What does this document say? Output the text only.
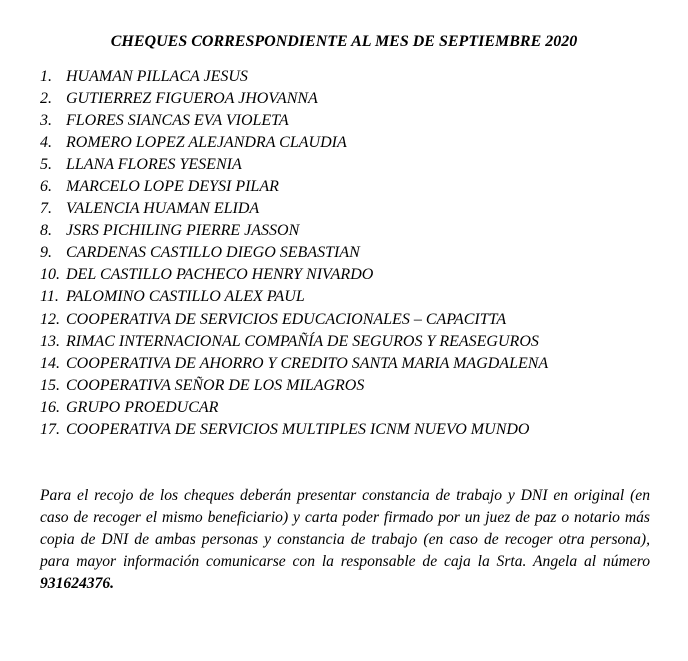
CHEQUES CORRESPONDIENTE AL MES DE SEPTIEMBRE 2020
1. HUAMAN PILLACA JESUS
2. GUTIERREZ FIGUEROA JHOVANNA
3. FLORES SIANCAS EVA VIOLETA
4. ROMERO LOPEZ ALEJANDRA CLAUDIA
5. LLANA FLORES YESENIA
6. MARCELO LOPE DEYSI PILAR
7. VALENCIA HUAMAN ELIDA
8. JSRS PICHILING PIERRE JASSON
9. CARDENAS CASTILLO DIEGO SEBASTIAN
10. DEL CASTILLO PACHECO HENRY NIVARDO
11. PALOMINO CASTILLO ALEX PAUL
12. COOPERATIVA DE SERVICIOS EDUCACIONALES – CAPACITTA
13. RIMAC INTERNACIONAL COMPAÑÍA DE SEGUROS Y REASEGUROS
14. COOPERATIVA DE AHORRO Y CREDITO SANTA MARIA MAGDALENA
15. COOPERATIVA SEÑOR DE LOS MILAGROS
16. GRUPO PROEDUCAR
17. COOPERATIVA DE SERVICIOS MULTIPLES ICNM NUEVO MUNDO

Para el recojo de los cheques deberán presentar constancia de trabajo y DNI en original (en caso de recoger el mismo beneficiario) y carta poder firmado por un juez de paz o notario más copia de DNI de ambas personas y constancia de trabajo (en caso de recoger otra persona), para mayor información comunicarse con la responsable de caja la Srta. Angela al número 931624376.
